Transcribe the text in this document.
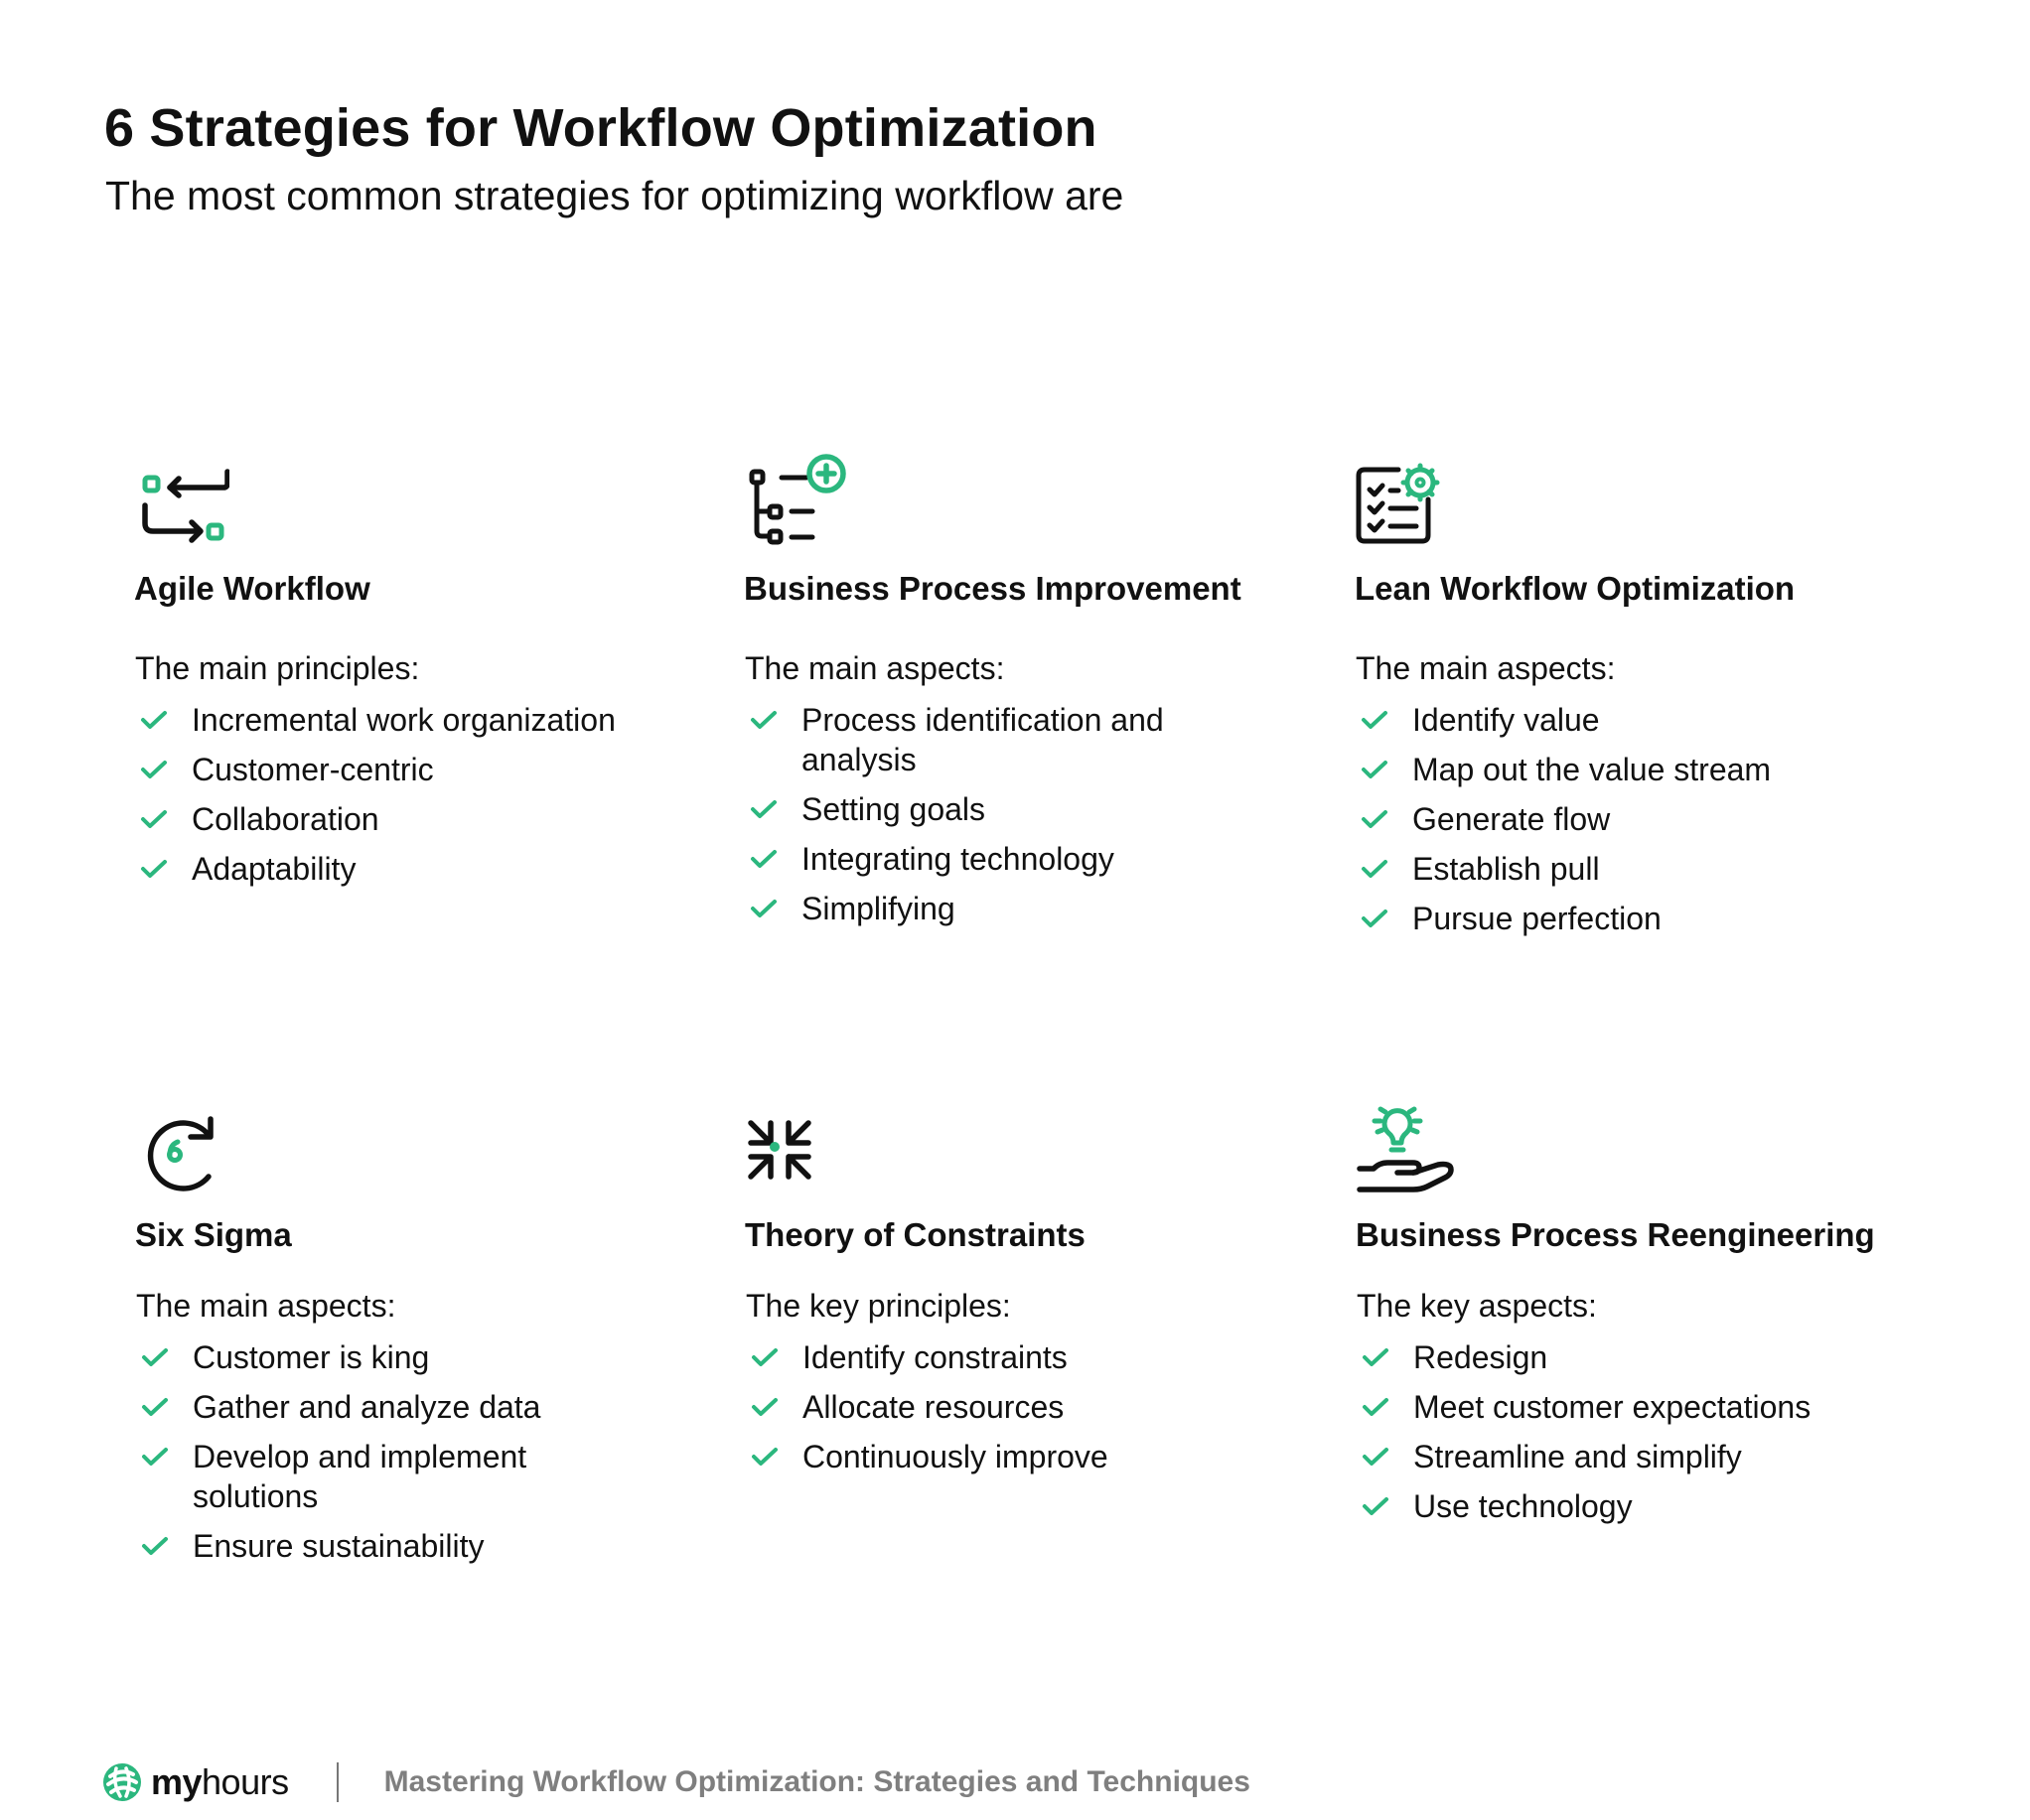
6 Strategies for Workflow Optimization

The most common strategies for optimizing workflow are

Agile Workflow
The main principles:
Incremental work organization
Customer-centric
Collaboration
Adaptability
Business Process Improvement
The main aspects:
Process identification and analysis
Setting goals
Integrating technology
Simplifying
Lean Workflow Optimization
The main aspects:
Identify value
Map out the value stream
Generate flow
Establish pull
Pursue perfection
Six Sigma
The main aspects:
Customer is king
Gather and analyze data
Develop and implement solutions
Ensure sustainability
Theory of Constraints
The key principles:
Identify constraints
Allocate resources
Continuously improve
Business Process Reengineering
The key aspects:
Redesign
Meet customer expectations
Streamline and simplify
Use technology
myhours	Mastering Workflow Optimization: Strategies and Techniques
